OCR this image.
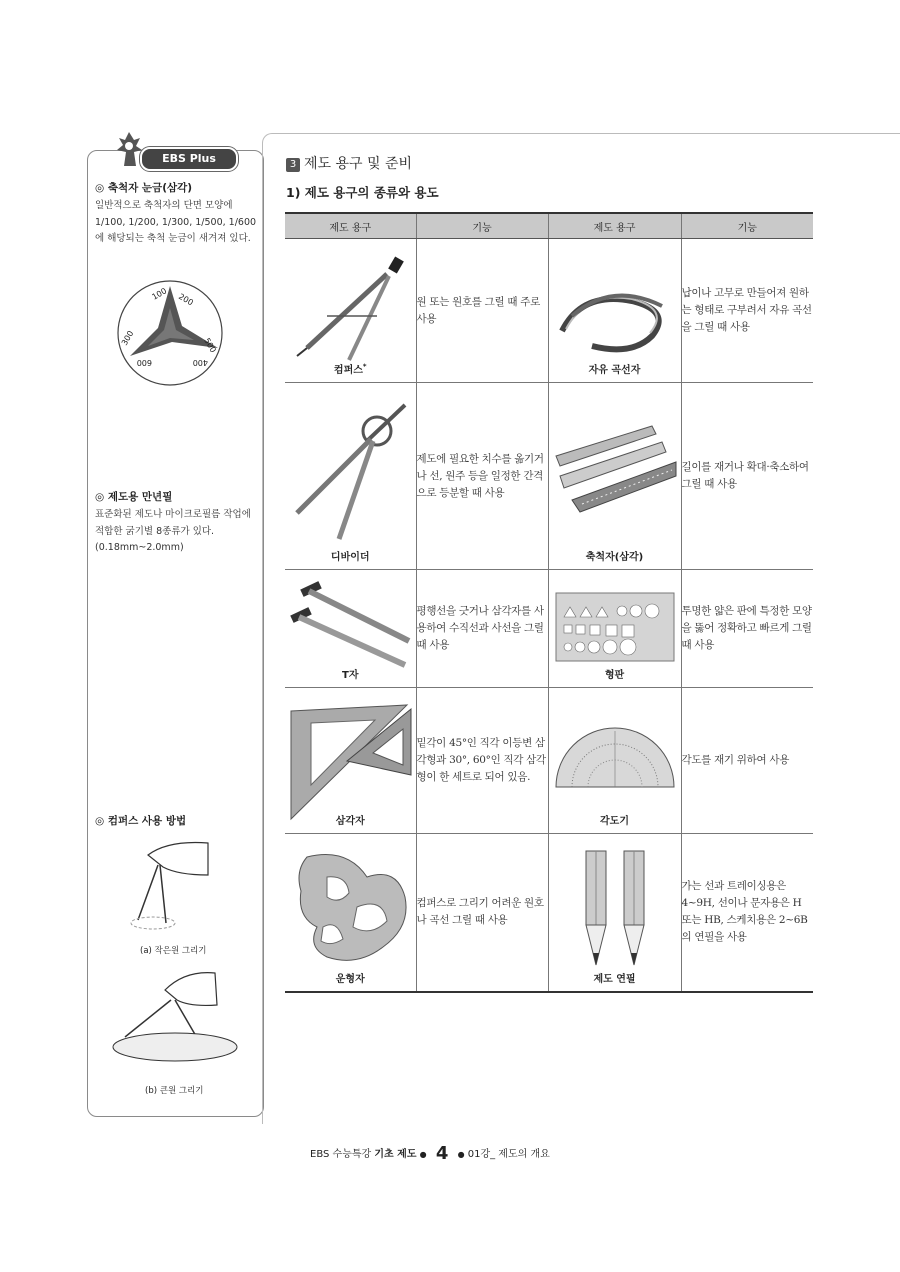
EBS Plus
◎ 축척자 눈금(삼각)
일반적으로 축척자의 단면 모양에 1/100, 1/200, 1/300, 1/500, 1/600에 해당되는 축척 눈금이 새겨져 있다.
100 200
300	500
600	400
◎ 제도용 만년필
표준화된 제도나 마이크로필름 작업에 적합한 굵기별 8종류가 있다. (0.18mm~2.0mm)
◎ 컴퍼스 사용 방법
(a) 작은원 그리기
(b) 큰원 그리기
3 제도 용구 및 준비
1) 제도 용구의 종류와 용도
제도 용구	기능	제도 용구	기능

컴퍼스*	원 또는 원호를 그릴 때 주로 사용	자유 곡선자	납이나 고무로 만들어져 원하는 형태로 구부려서 자유 곡선을 그릴 때 사용

디바이더	제도에 필요한 치수를 옮기거나 선, 원주 등을 일정한 간격으로 등분할 때 사용	축척자(삼각)	길이를 재거나 확대·축소하여 그릴 때 사용

T자	평행선을 긋거나 삼각자를 사용하여 수직선과 사선을 그릴 때 사용	형판	투명한 얇은 판에 특정한 모양을 뚫어 정확하고 빠르게 그릴 때 사용

삼각자	밑각이 45°인 직각 이등변 삼각형과 30°, 60°인 직각 삼각형이 한 세트로 되어 있음.	각도기	각도를 재기 위하여 사용

운형자	컴퍼스로 그리기 어려운 원호나 곡선 그릴 때 사용	제도 연필	가는 선과 트레이싱용은 4~9H, 선이나 문자용은 H 또는 HB, 스케치용은 2~6B의 연필을 사용
EBS 수능특강 기초 제도 ● 4 ● 01강_ 제도의 개요
